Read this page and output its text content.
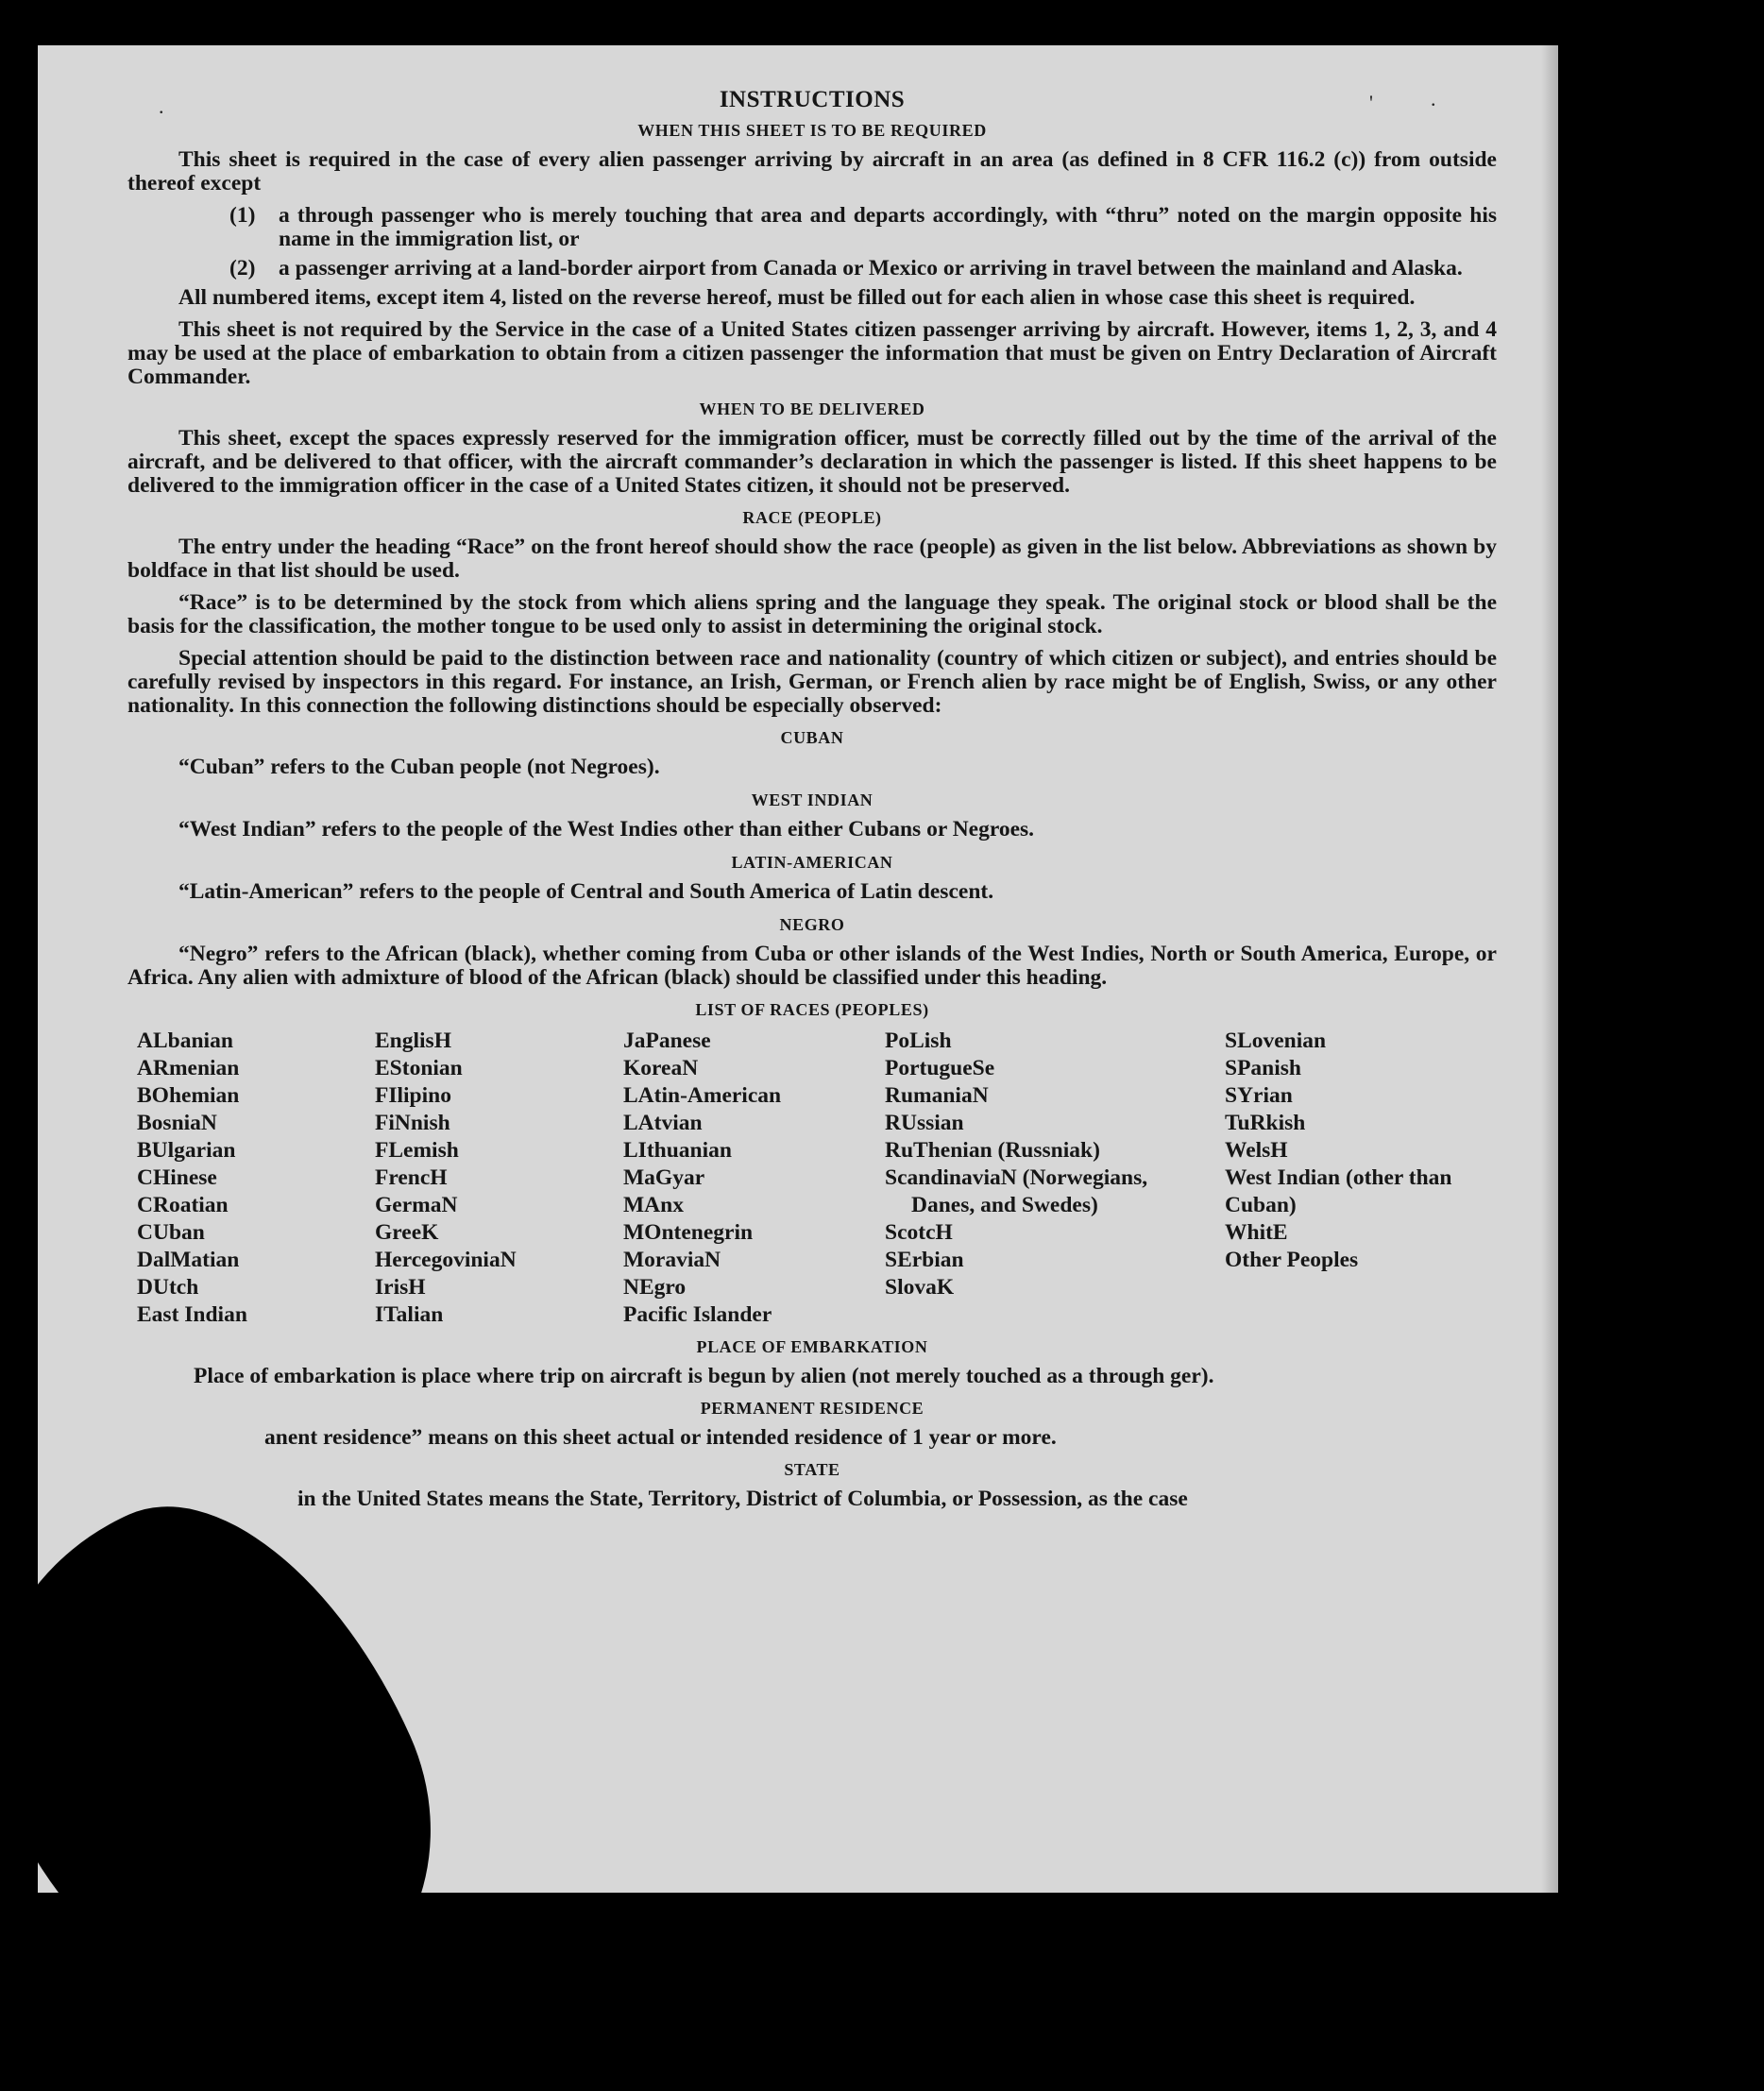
.	'	.
INSTRUCTIONS
WHEN THIS SHEET IS TO BE REQUIRED

This sheet is required in the case of every alien passenger arriving by aircraft in an area (as defined in 8 CFR 116.2 (c)) from outside thereof except

(1) a through passenger who is merely touching that area and departs accordingly, with “thru” noted on the margin opposite his name in the immigration list, or

(2) a passenger arriving at a land-border airport from Canada or Mexico or arriving in travel between the mainland and Alaska.

All numbered items, except item 4, listed on the reverse hereof, must be filled out for each alien in whose case this sheet is required.

This sheet is not required by the Service in the case of a United States citizen passenger arriving by aircraft. However, items 1, 2, 3, and 4 may be used at the place of embarkation to obtain from a citizen passenger the information that must be given on Entry Declaration of Aircraft Commander.

WHEN TO BE DELIVERED

This sheet, except the spaces expressly reserved for the immigration officer, must be correctly filled out by the time of the arrival of the aircraft, and be delivered to that officer, with the aircraft commander’s declaration in which the passenger is listed. If this sheet happens to be delivered to the immigration officer in the case of a United States citizen, it should not be preserved.

RACE (PEOPLE)

The entry under the heading “Race” on the front hereof should show the race (people) as given in the list below. Abbreviations as shown by boldface in that list should be used.

“Race” is to be determined by the stock from which aliens spring and the language they speak. The original stock or blood shall be the basis for the classification, the mother tongue to be used only to assist in determining the original stock.

Special attention should be paid to the distinction between race and nationality (country of which citizen or subject), and entries should be carefully revised by inspectors in this regard. For instance, an Irish, German, or French alien by race might be of English, Swiss, or any other nationality. In this connection the following distinctions should be especially observed:

CUBAN

“Cuban” refers to the Cuban people (not Negroes).

WEST INDIAN

“West Indian” refers to the people of the West Indies other than either Cubans or Negroes.

LATIN-AMERICAN

“Latin-American” refers to the people of Central and South America of Latin descent.

NEGRO

“Negro” refers to the African (black), whether coming from Cuba or other islands of the West Indies, North or South America, Europe, or Africa. Any alien with admixture of blood of the African (black) should be classified under this heading.

LIST OF RACES (PEOPLES)
ALbanian
ARmenian
BOhemian
BosniaN
BUlgarian
CHinese
CRoatian
CUban
DalMatian
DUtch
East Indian
EnglisH
EStonian
FIlipino
FiNnish
FLemish
FrencH
GermaN
GreeK
HercegoviniaN
IrisH
ITalian
JaPanese
KoreaN
LAtin-American
LAtvian
LIthuanian
MaGyar
MAnx
MOntenegrin
MoraviaN
NEgro
Pacific Islander
PoLish
PortugueSe
RumaniaN
RUssian
RuThenian (Russniak)
ScandinaviaN (Norwegians, Danes, and Swedes)
ScotcH
SErbian
SlovaK
SLovenian
SPanish
SYrian
TuRkish
WelsH
West Indian (other than Cuban)
WhitE
Other Peoples
PLACE OF EMBARKATION

Place of embarkation is place where trip on aircraft is begun by alien (not merely touched as a through ger).

PERMANENT RESIDENCE

anent residence” means on this sheet actual or intended residence of 1 year or more.

STATE

in the United States means the State, Territory, District of Columbia, or Possession, as the case
